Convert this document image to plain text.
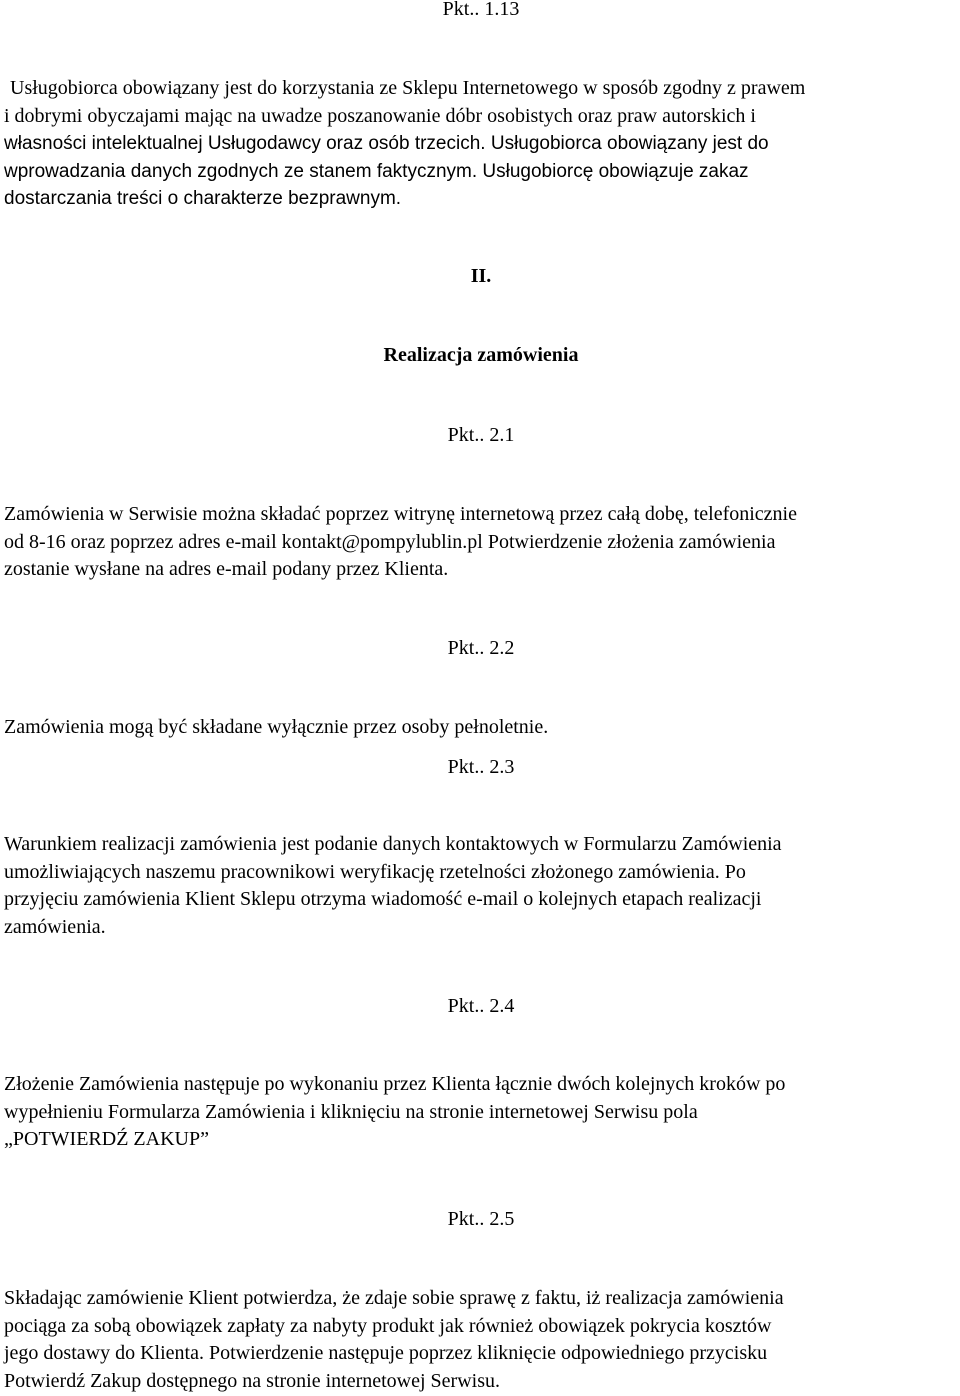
Pkt.. 1.13

Usługobiorca obowiązany jest do korzystania ze Sklepu Internetowego w sposób zgodny z prawem
i dobrymi obyczajami mając na uwadze poszanowanie dóbr osobistych oraz praw autorskich i
własności intelektualnej Usługodawcy oraz osób trzecich. Usługobiorca obowiązany jest do
wprowadzania danych zgodnych ze stanem faktycznym. Usługobiorcę obowiązuje zakaz
dostarczania treści o charakterze bezprawnym.

II.

Realizacja zamówienia

Pkt.. 2.1

Zamówienia w Serwisie można składać poprzez witrynę internetową przez całą dobę, telefonicznie
od 8-16 oraz poprzez adres e-mail kontakt@pompylublin.pl Potwierdzenie złożenia zamówienia
zostanie wysłane na adres e-mail podany przez Klienta.

Pkt.. 2.2

Zamówienia mogą być składane wyłącznie przez osoby pełnoletnie.

Pkt.. 2.3

Warunkiem realizacji zamówienia jest podanie danych kontaktowych w Formularzu Zamówienia
umożliwiających naszemu pracownikowi weryfikację rzetelności złożonego zamówienia. Po
przyjęciu zamówienia Klient Sklepu otrzyma wiadomość e-mail o kolejnych etapach realizacji
zamówienia.

Pkt.. 2.4

Złożenie Zamówienia następuje po wykonaniu przez Klienta łącznie dwóch kolejnych kroków po
wypełnieniu Formularza Zamówienia i kliknięciu na stronie internetowej Serwisu pola
„POTWIERDŹ ZAKUP”

Pkt.. 2.5

Składając zamówienie Klient potwierdza, że zdaje sobie sprawę z faktu, iż realizacja zamówienia
pociąga za sobą obowiązek zapłaty za nabyty produkt jak również obowiązek pokrycia kosztów
jego dostawy do Klienta. Potwierdzenie następuje poprzez kliknięcie odpowiedniego przycisku
Potwierdź Zakup dostępnego na stronie internetowej Serwisu.
